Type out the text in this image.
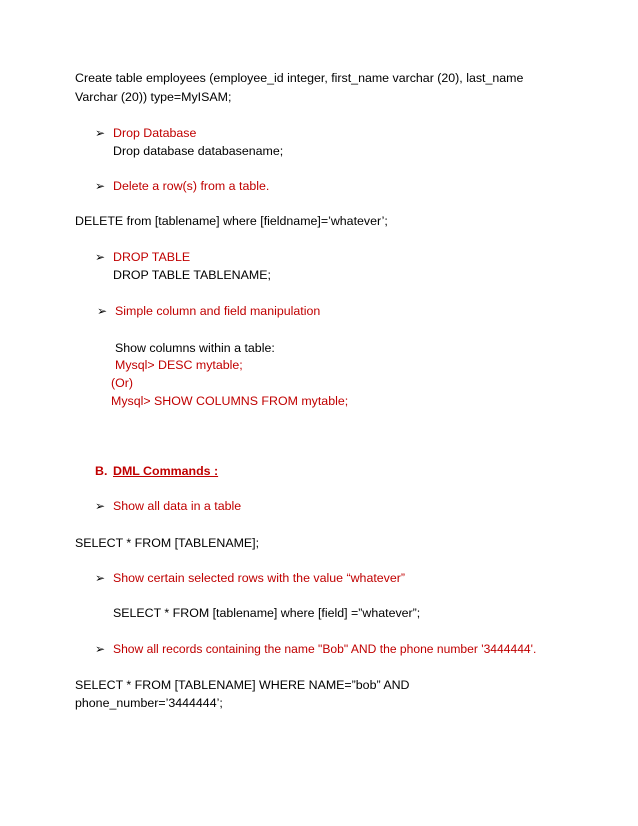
Create table employees (employee_id integer, first_name varchar (20), last_name
Varchar (20)) type=MyISAM;
➢ Drop Database
Drop database databasename;
➢ Delete a row(s) from a table.
DELETE from [tablename] where [fieldname]=’whatever’;
➢ DROP TABLE
DROP TABLE TABLENAME;
➢ Simple column and field manipulation
Show columns within a table:
Mysql> DESC mytable;
(Or)
Mysql> SHOW COLUMNS FROM mytable;
B. DML Commands :
➢ Show all data in a table
SELECT * FROM [TABLENAME];
➢ Show certain selected rows with the value “whatever”
SELECT * FROM [tablename] where [field] =”whatever”;
➢ Show all records containing the name "Bob" AND the phone number '3444444'.
SELECT * FROM [TABLENAME] WHERE NAME=”bob” AND
phone_number=’3444444’;
